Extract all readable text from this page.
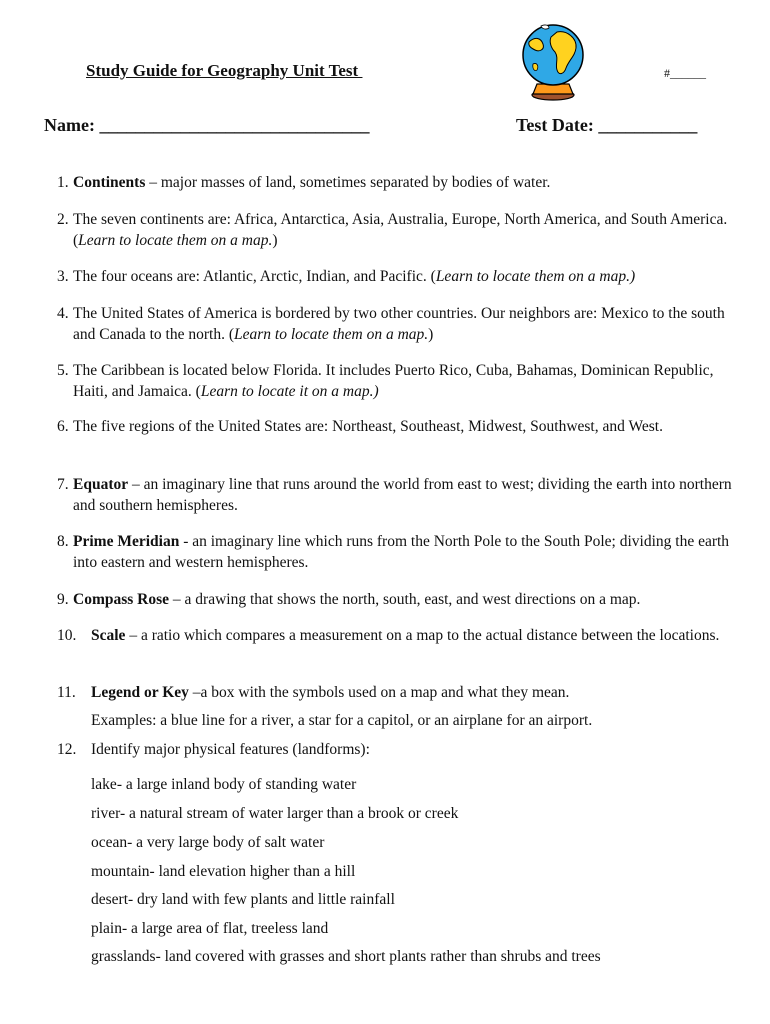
Study Guide for Geography Unit Test	#______
Name: ______________________________	Test Date: ___________
1. Continents – major masses of land, sometimes separated by bodies of water.
2. The seven continents are: Africa, Antarctica, Asia, Australia, Europe, North America, and South America. (Learn to locate them on a map.)
3. The four oceans are: Atlantic, Arctic, Indian, and Pacific. (Learn to locate them on a map.)
4. The United States of America is bordered by two other countries. Our neighbors are: Mexico to the south and Canada to the north. (Learn to locate them on a map.)
5. The Caribbean is located below Florida. It includes Puerto Rico, Cuba, Bahamas, Dominican Republic, Haiti, and Jamaica. (Learn to locate it on a map.)
6. The five regions of the United States are: Northeast, Southeast, Midwest, Southwest, and West.
7. Equator – an imaginary line that runs around the world from east to west; dividing the earth into northern and southern hemispheres.
8. Prime Meridian - an imaginary line which runs from the North Pole to the South Pole; dividing the earth into eastern and western hemispheres.
9. Compass Rose – a drawing that shows the north, south, east, and west directions on a map.
10. Scale – a ratio which compares a measurement on a map to the actual distance between the locations.
11. Legend or Key –a box with the symbols used on a map and what they mean.
Examples: a blue line for a river, a star for a capitol, or an airplane for an airport.
12. Identify major physical features (landforms):
lake- a large inland body of standing water
river- a natural stream of water larger than a brook or creek
ocean- a very large body of salt water
mountain- land elevation higher than a hill
desert- dry land with few plants and little rainfall
plain- a large area of flat, treeless land
grasslands- land covered with grasses and short plants rather than shrubs and trees
